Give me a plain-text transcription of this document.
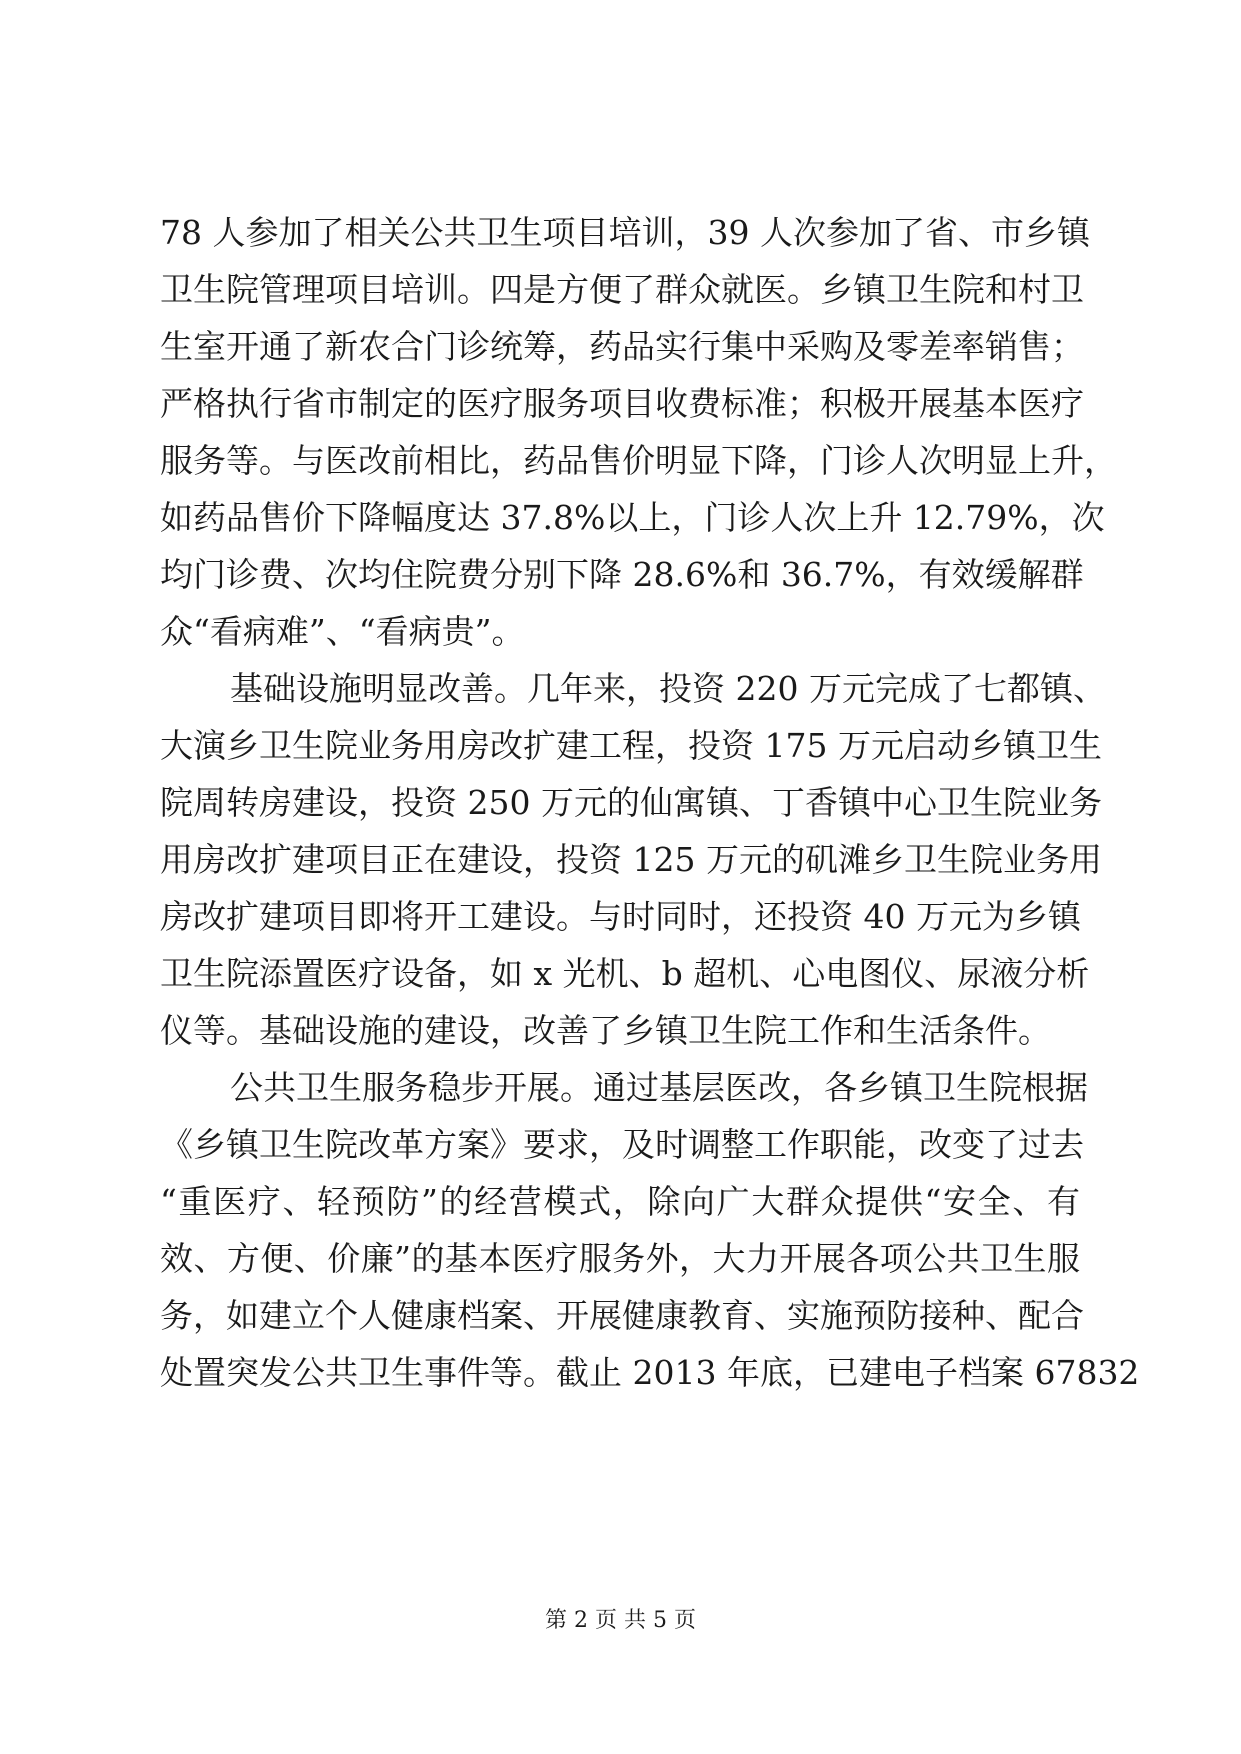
78 人参加了相关公共卫生项目培训，39 人次参加了省、市乡镇
卫生院管理项目培训。四是方便了群众就医。乡镇卫生院和村卫
生室开通了新农合门诊统筹，药品实行集中采购及零差率销售；
严格执行省市制定的医疗服务项目收费标准；积极开展基本医疗
服务等。与医改前相比，药品售价明显下降，门诊人次明显上升，
如药品售价下降幅度达 37.8%以上，门诊人次上升 12.79%，次
均门诊费、次均住院费分别下降 28.6%和 36.7%，有效缓解群
众“看病难”、“看病贵”。
基础设施明显改善。几年来，投资 220 万元完成了七都镇、
大演乡卫生院业务用房改扩建工程，投资 175 万元启动乡镇卫生
院周转房建设，投资 250 万元的仙寓镇、丁香镇中心卫生院业务
用房改扩建项目正在建设，投资 125 万元的矶滩乡卫生院业务用
房改扩建项目即将开工建设。与时同时，还投资 40 万元为乡镇
卫生院添置医疗设备，如 x 光机、b 超机、心电图仪、尿液分析
仪等。基础设施的建设，改善了乡镇卫生院工作和生活条件。
公共卫生服务稳步开展。通过基层医改，各乡镇卫生院根据
《乡镇卫生院改革方案》要求，及时调整工作职能，改变了过去
“重医疗、轻预防”的经营模式，除向广大群众提供“安全、有
效、方便、价廉”的基本医疗服务外，大力开展各项公共卫生服
务，如建立个人健康档案、开展健康教育、实施预防接种、配合
处置突发公共卫生事件等。截止 2013 年底，已建电子档案 67832
第 2 页 共 5 页
